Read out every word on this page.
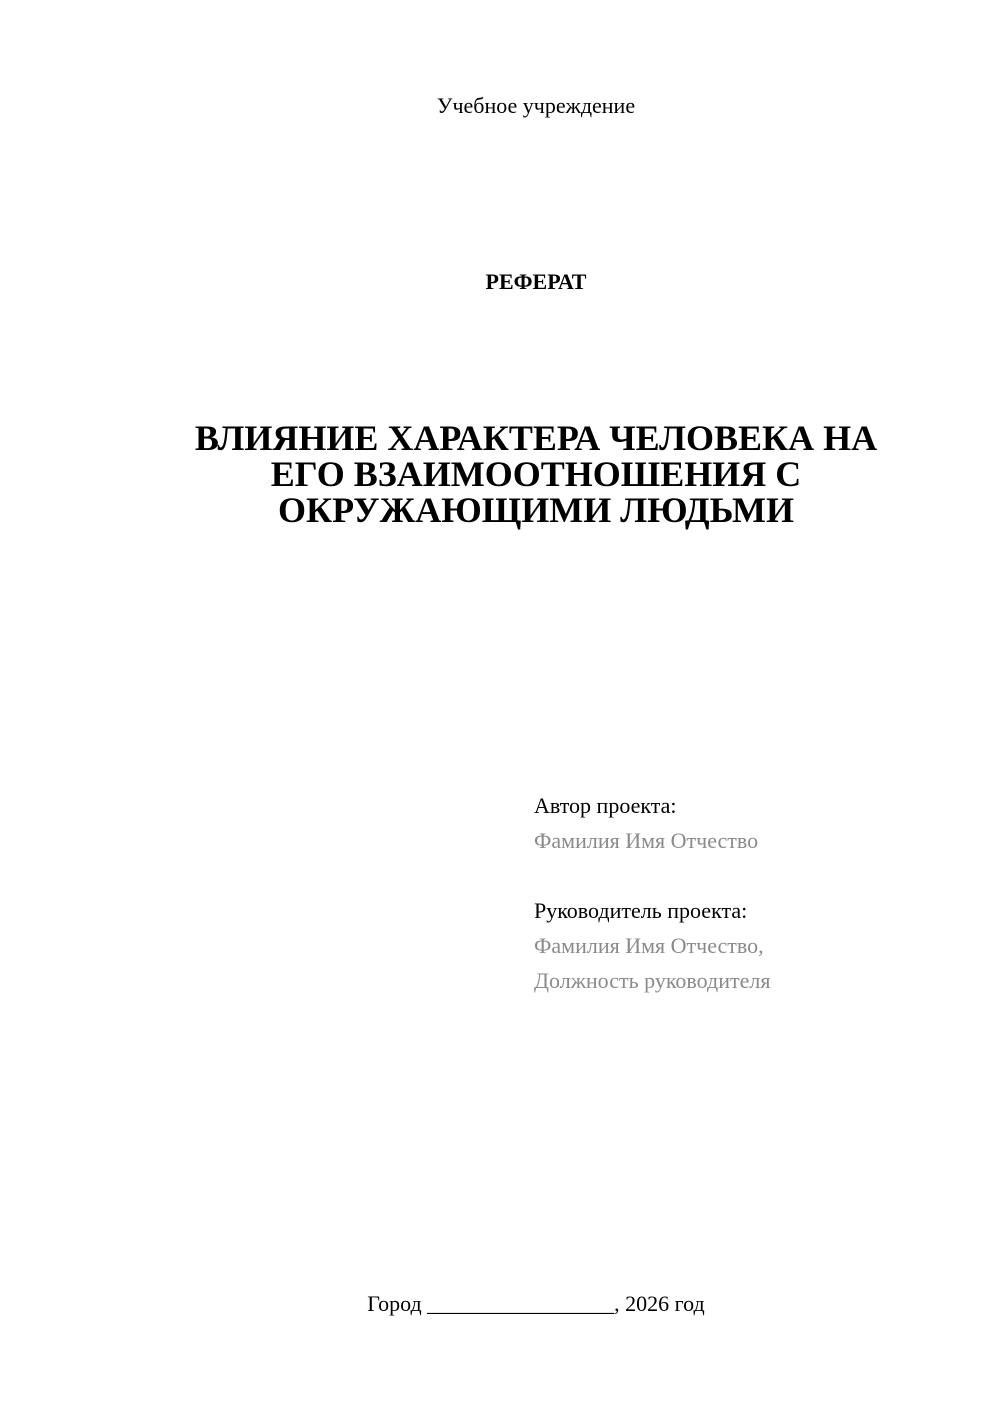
Учебное учреждение
РЕФЕРАТ
ВЛИЯНИЕ ХАРАКТЕРА ЧЕЛОВЕКА НА
ЕГО ВЗАИМООТНОШЕНИЯ С
ОКРУЖАЮЩИМИ ЛЮДЬМИ
Автор проекта:
Фамилия Имя Отчество
Руководитель проекта:
Фамилия Имя Отчество,
Должность руководителя
Город _________________, 2026 год
